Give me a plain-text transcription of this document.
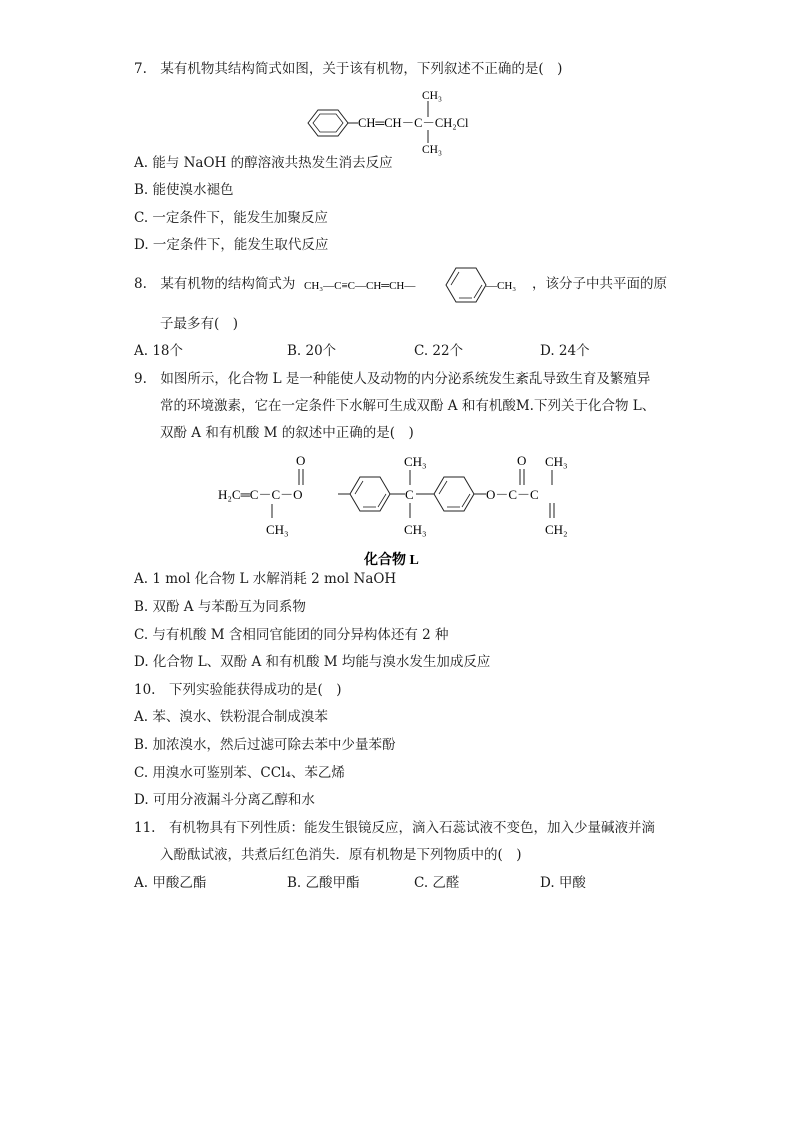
7.　某有机物其结构简式如图，关于该有机物，下列叙述不正确的是(　)
CH═CH－C－CH₂Cl
CH₃
CH₃
A. 能与 NaOH 的醇溶液共热发生消去反应
B. 能使溴水褪色
C. 一定条件下，能发生加聚反应
D. 一定条件下，能发生取代反应
8.　某有机物的结构简式为 CH₃—C≡C—CH═CH—	—CH₃ ，该分子中共平面的原
子最多有(　)
A. 18个	B. 20个	C. 22个	D. 24个
9.　如图所示，化合物 L 是一种能使人及动物的内分泌系统发生紊乱导致生育及繁殖异
常的环境激素，它在一定条件下水解可生成双酚 A 和有机酸M.下列关于化合物 L、
双酚 A 和有机酸 M 的叙述中正确的是(　)
H₂C═C－C－O
O
CH₃
C
CH₃
CH₃
O－C－C
O CH₃
CH₂
化合物 L
A. 1 mol 化合物 L 水解消耗 2 mol NaOH
B. 双酚 A 与苯酚互为同系物
C. 与有机酸 M 含相同官能团的同分异构体还有 2 种
D. 化合物 L、双酚 A 和有机酸 M 均能与溴水发生加成反应
10.　下列实验能获得成功的是(　)
A. 苯、溴水、铁粉混合制成溴苯
B. 加浓溴水，然后过滤可除去苯中少量苯酚
C. 用溴水可鉴别苯、CCl₄、苯乙烯
D. 可用分液漏斗分离乙醇和水
11.　有机物具有下列性质：能发生银镜反应，滴入石蕊试液不变色，加入少量碱液并滴
入酚酞试液，共煮后红色消失．原有机物是下列物质中的(　)
A. 甲酸乙酯	B. 乙酸甲酯	C. 乙醛	D. 甲酸
